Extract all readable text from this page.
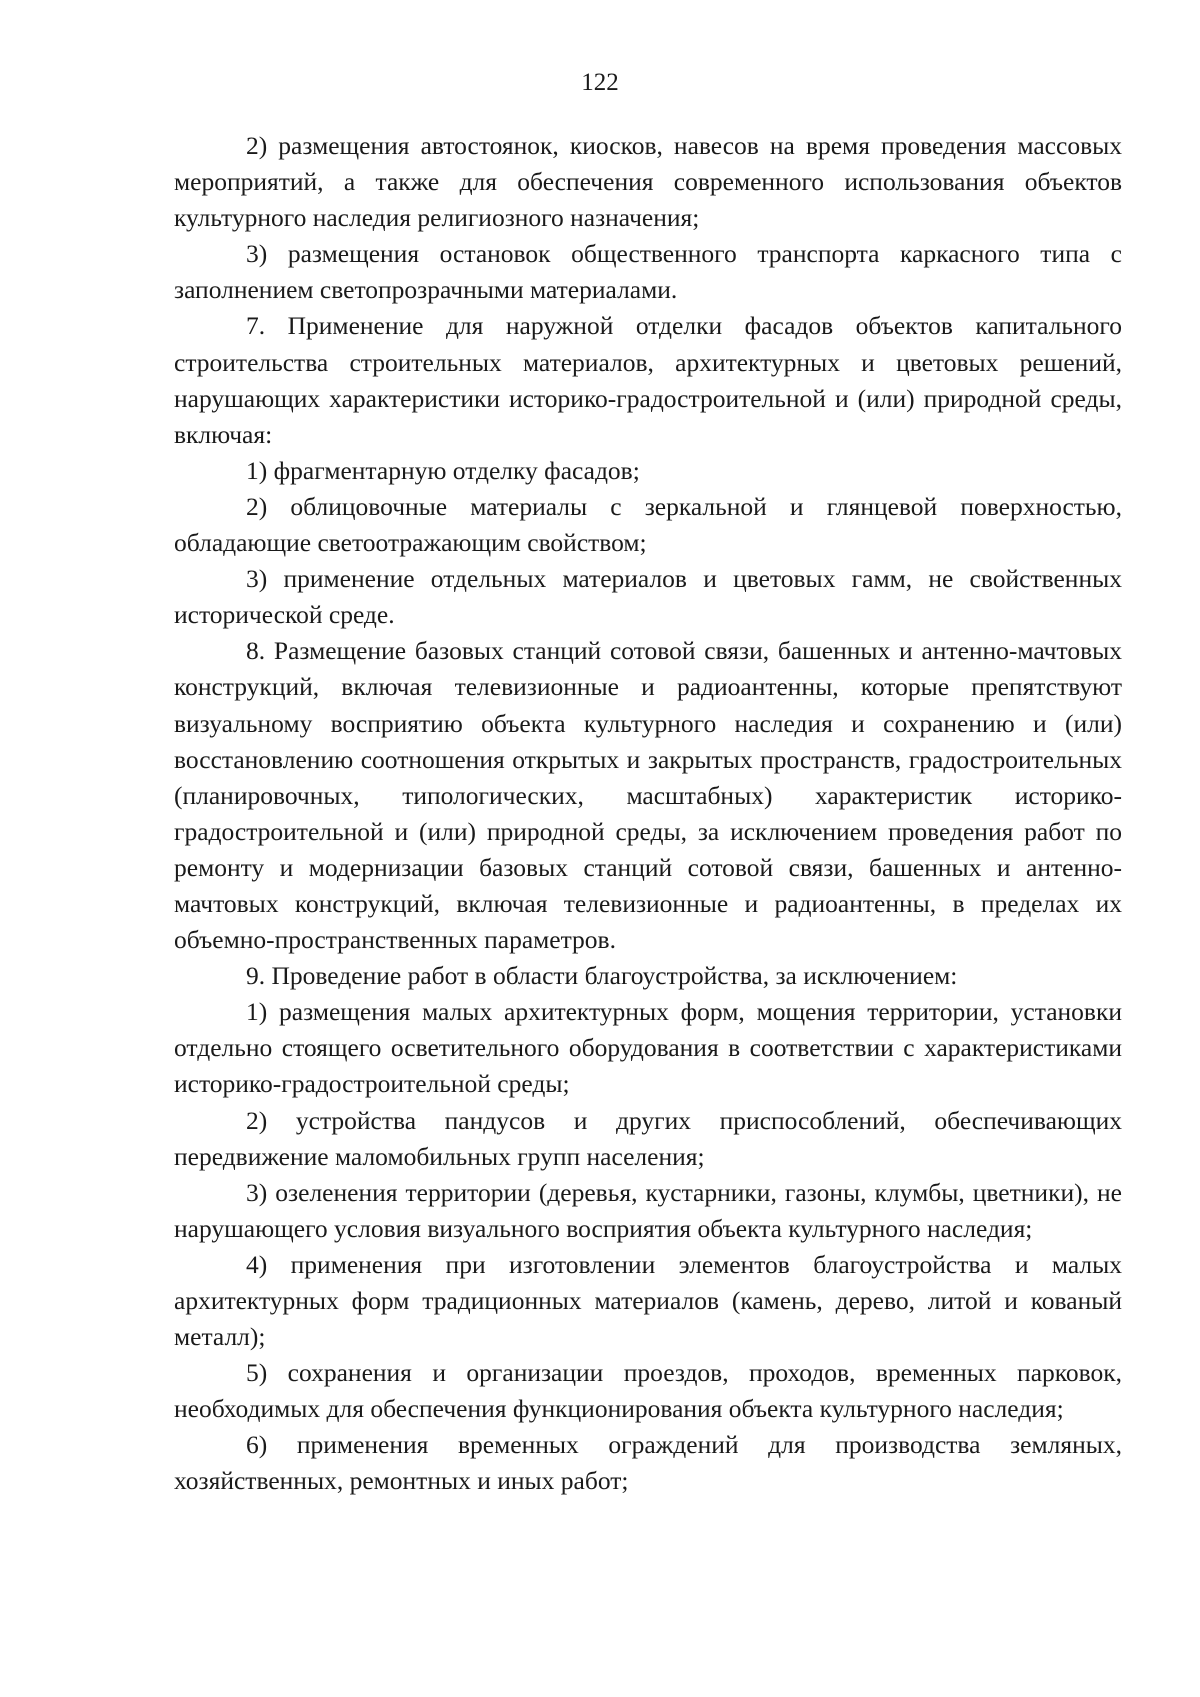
122

2) размещения автостоянок, киосков, навесов на время проведения массовых мероприятий, а также для обеспечения современного использования объектов культурного наследия религиозного назначения;

3) размещения остановок общественного транспорта каркасного типа с заполнением светопрозрачными материалами.

7. Применение для наружной отделки фасадов объектов капитального строительства строительных материалов, архитектурных и цветовых решений, нарушающих характеристики историко-градостроительной и (или) природной среды, включая:

1) фрагментарную отделку фасадов;

2) облицовочные материалы с зеркальной и глянцевой поверхностью, обладающие светоотражающим свойством;

3) применение отдельных материалов и цветовых гамм, не свойственных исторической среде.

8. Размещение базовых станций сотовой связи, башенных и антенно-мачтовых конструкций, включая телевизионные и радиоантенны, которые препятствуют визуальному восприятию объекта культурного наследия и сохранению и (или) восстановлению соотношения открытых и закрытых пространств, градостроительных (планировочных, типологических, масштабных) характеристик историко-градостроительной и (или) природной среды, за исключением проведения работ по ремонту и модернизации базовых станций сотовой связи, башенных и антенно-мачтовых конструкций, включая телевизионные и радиоантенны, в пределах их объемно-пространственных параметров.

9. Проведение работ в области благоустройства, за исключением:

1) размещения малых архитектурных форм, мощения территории, установки отдельно стоящего осветительного оборудования в соответствии с характеристиками историко-градостроительной среды;

2) устройства пандусов и других приспособлений, обеспечивающих передвижение маломобильных групп населения;

3) озеленения территории (деревья, кустарники, газоны, клумбы, цветники), не нарушающего условия визуального восприятия объекта культурного наследия;

4) применения при изготовлении элементов благоустройства и малых архитектурных форм традиционных материалов (камень, дерево, литой и кованый металл);

5) сохранения и организации проездов, проходов, временных парковок, необходимых для обеспечения функционирования объекта культурного наследия;

6) применения временных ограждений для производства земляных, хозяйственных, ремонтных и иных работ;
